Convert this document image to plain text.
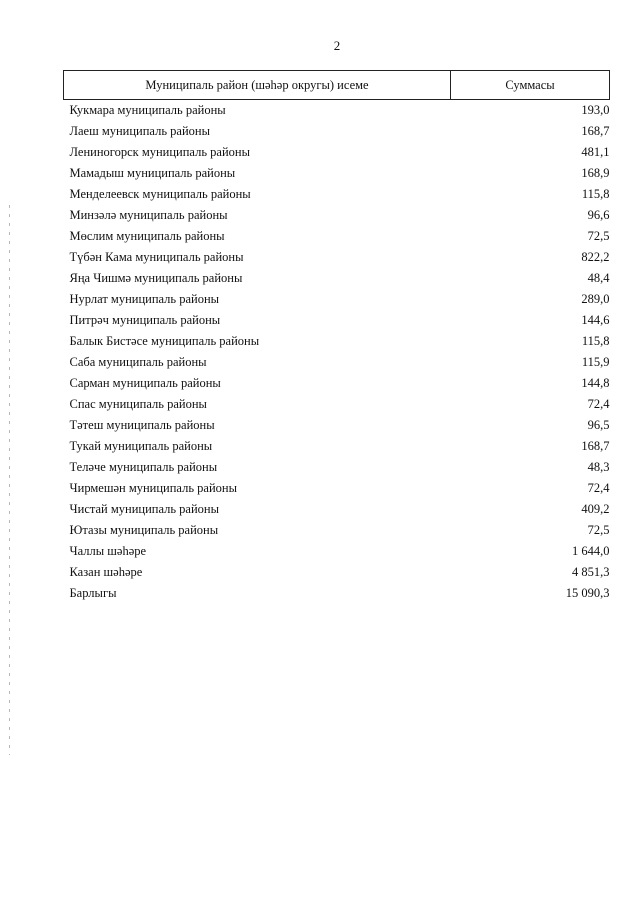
2
Муниципаль район (шәһәр округы) исеме	Суммасы
Кукмара муниципаль районы	193,0
Лаеш муниципаль районы	168,7
Лениногорск муниципаль районы	481,1
Мамадыш муниципаль районы	168,9
Менделеевск муниципаль районы	115,8
Минзәлә муниципаль районы	96,6
Мөслим муниципаль районы	72,5
Түбән Кама муниципаль районы	822,2
Яңа Чишмә муниципаль районы	48,4
Нурлат муниципаль районы	289,0
Питрәч муниципаль районы	144,6
Балык Бистәсе муниципаль районы	115,8
Саба муниципаль районы	115,9
Сарман муниципаль районы	144,8
Спас муниципаль районы	72,4
Тәтеш муниципаль районы	96,5
Тукай муниципаль районы	168,7
Теләче муниципаль районы	48,3
Чирмешән муниципаль районы	72,4
Чистай муниципаль районы	409,2
Ютазы муниципаль районы	72,5
Чаллы шәһәре	1 644,0
Казан шәһәре	4 851,3
Барлыгы	15 090,3
